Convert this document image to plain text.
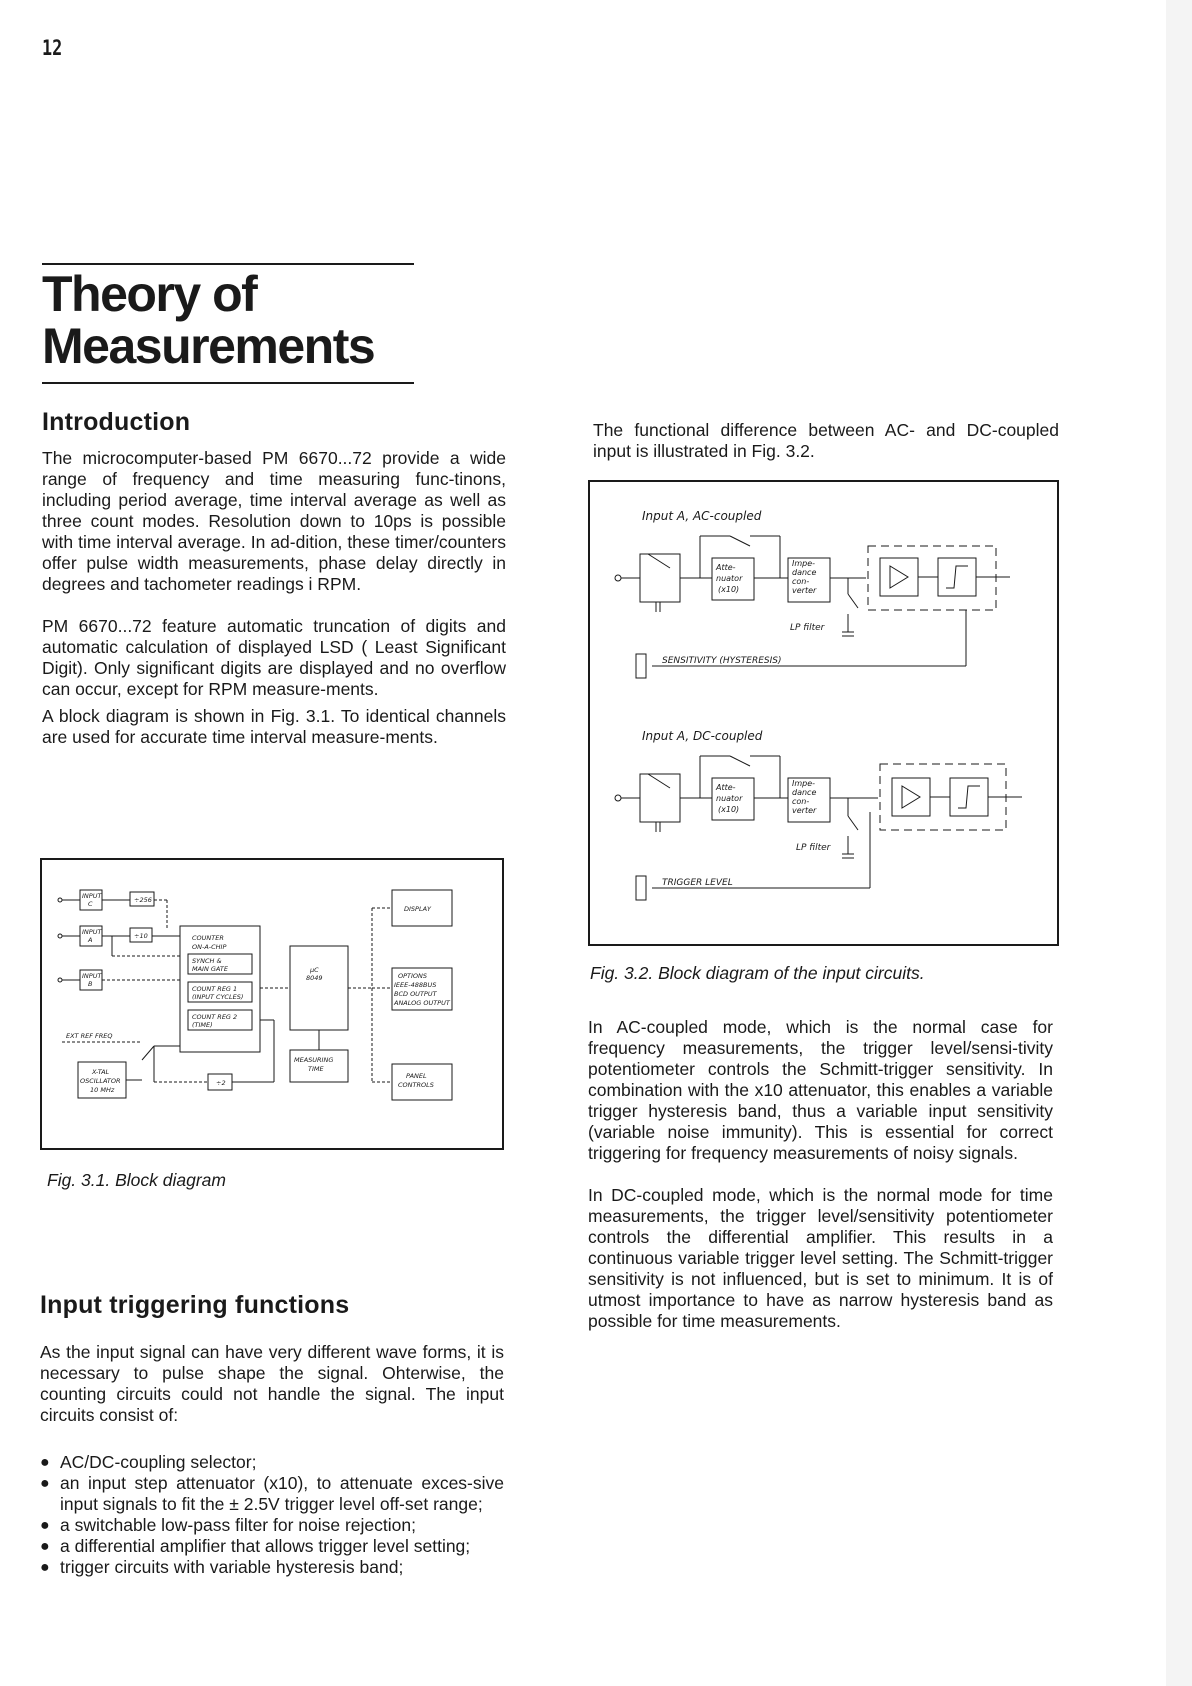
12
Theory of
Measurements
Introduction

The microcomputer-based PM 6670...72 provide a wide range of frequency and time measuring func-tinons, including period average, time interval average as well as three count modes. Resolution down to 10ps is possible with time interval average. In ad-dition, these timer/counters offer pulse width measurements, phase delay directly in degrees and tachometer readings i RPM.

PM 6670...72 feature automatic truncation of digits and automatic calculation of displayed LSD ( Least Significant Digit). Only significant digits are displayed and no overflow can occur, except for RPM measure-ments.

A block diagram is shown in Fig. 3.1. To identical channels are used for accurate time interval measure-ments.

INPUT
C
INPUT
A
INPUT
B
÷256
÷10	COUNTER
ON-A-CHIP
SYNCH &
MAIN GATE
COUNT REG 1
(INPUT CYCLES)
COUNT REG 2
(TIME)
µC
8049
DISPLAY
OPTIONS
IEEE-488BUS
BCD OUTPUT
ANALOG OUTPUT
MEASURING
TIME
PANEL
CONTROLS
EXT REF FREQ
X-TAL
OSCILLATOR
10 MHz
÷2
Fig. 3.1. Block diagram
Input triggering functions
As the input signal can have very different wave forms, it is necessary to pulse shape the signal. Ohterwise, the counting circuits could not handle the signal. The input circuits consist of:
● AC/DC-coupling selector;
● an input step attenuator (x10), to attenuate exces-sive input signals to fit the ± 2.5V trigger level off-set range;
● a switchable low-pass filter for noise rejection;
● a differential amplifier that allows trigger level setting;
● trigger circuits with variable hysteresis band;
The functional difference between AC- and DC-coupled input is illustrated in Fig. 3.2.
Input A, AC-coupled
Input A, DC-coupled
Atte-
nuator
(x10)
Impe-
dance
con-
verter
Atte-
nuator
(x10)
Impe-
dance
con-
verter
LP filter
LP filter
SENSITIVITY (HYSTERESIS)
TRIGGER LEVEL
Fig. 3.2. Block diagram of the input circuits.

In AC-coupled mode, which is the normal case for frequency measurements, the trigger level/sensi-tivity potentiometer controls the Schmitt-trigger sensitivity. In combination with the x10 attenuator, this enables a variable trigger hysteresis band, thus a variable input sensitivity (variable noise immunity). This is essential for correct triggering for frequency measurements of noisy signals.

In DC-coupled mode, which is the normal mode for time measurements, the trigger level/sensitivity potentiometer controls the differential amplifier. This results in a continuous variable trigger level setting. The Schmitt-trigger sensitivity is not influenced, but is set to minimum. It is of utmost importance to have as narrow hysteresis band as possible for time measurements.
